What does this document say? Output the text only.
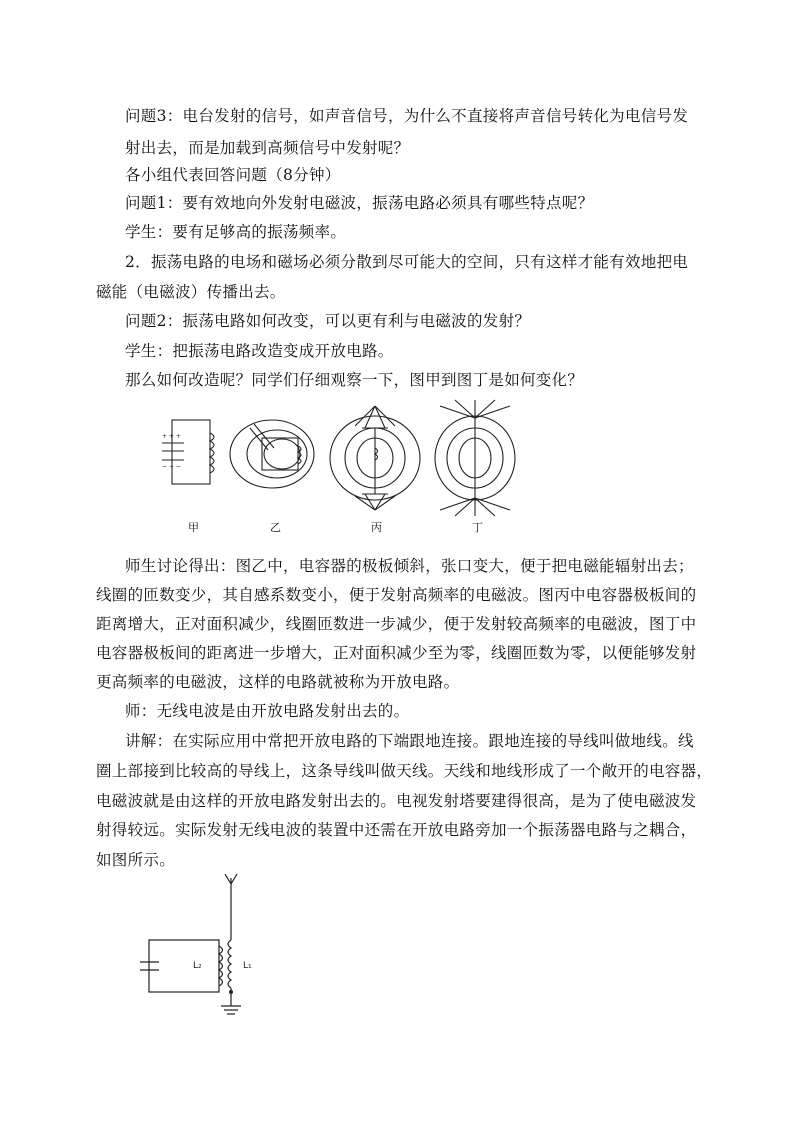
问题3：电台发射的信号，如声音信号，为什么不直接将声音信号转化为电信号发
射出去，而是加载到高频信号中发射呢？
各小组代表回答问题（8分钟）
问题1：要有效地向外发射电磁波，振荡电路必须具有哪些特点呢？
学生：要有足够高的振荡频率。
2．振荡电路的电场和磁场必须分散到尽可能大的空间，只有这样才能有效地把电
磁能（电磁波）传播出去。
问题2：振荡电路如何改变，可以更有利与电磁波的发射？
学生：把振荡电路改造变成开放电路。
那么如何改造呢？同学们仔细观察一下，图甲到图丁是如何变化？
+ + +
− − −
甲	乙	丙	丁
师生讨论得出：图乙中，电容器的极板倾斜，张口变大，便于把电磁能辐射出去；
线圈的匝数变少，其自感系数变小，便于发射高频率的电磁波。图丙中电容器极板间的
距离增大，正对面积减少，线圈匝数进一步减少，便于发射较高频率的电磁波，图丁中
电容器极板间的距离进一步增大，正对面积减少至为零，线圈匝数为零，以便能够发射
更高频率的电磁波，这样的电路就被称为开放电路。
师：无线电波是由开放电路发射出去的。
讲解：在实际应用中常把开放电路的下端跟地连接。跟地连接的导线叫做地线。线
圈上部接到比较高的导线上，这条导线叫做天线。天线和地线形成了一个敞开的电容器，
电磁波就是由这样的开放电路发射出去的。电视发射塔要建得很高，是为了使电磁波发
射得较远。实际发射无线电波的装置中还需在开放电路旁加一个振荡器电路与之耦合，
如图所示。
L₂	L₁
